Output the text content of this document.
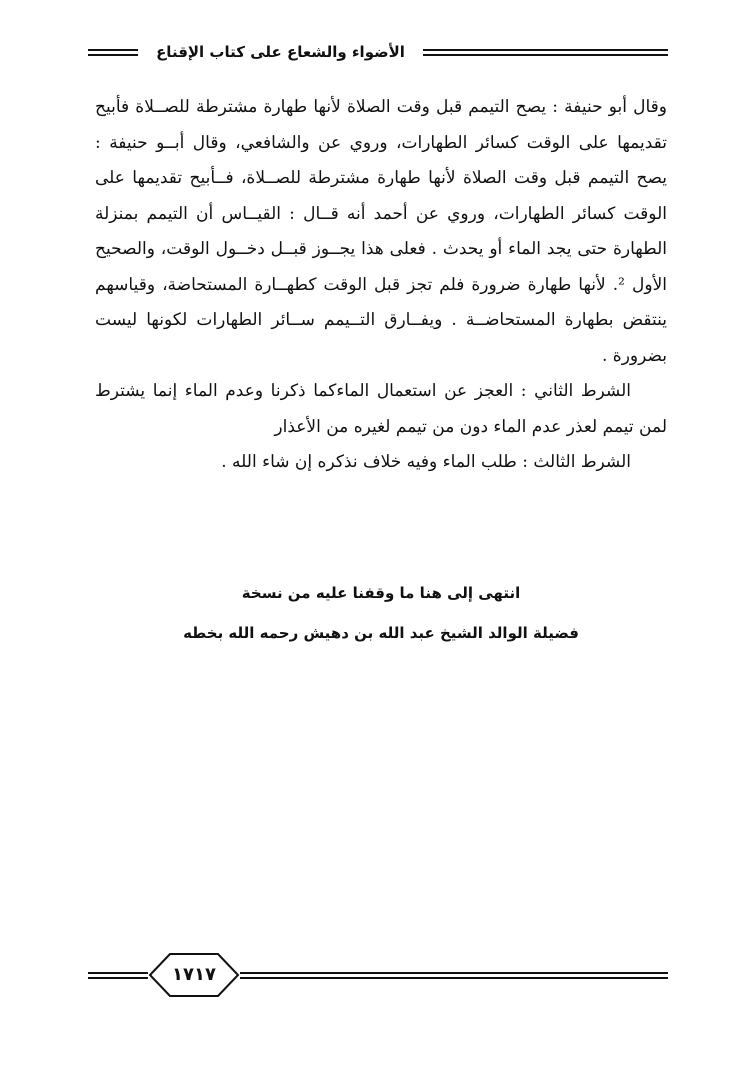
الأضواء والشعاع على كتاب الإقناع

وقال أبو حنيفة : يصح التيمم قبل وقت الصلاة لأنها طهارة مشترطة للصــلاة فأبيح تقديمها على الوقت كسائر الطهارات، وروي عن والشافعي، وقال أبــو حنيفة : يصح التيمم قبل وقت الصلاة لأنها طهارة مشترطة للصــلاة، فــأبيح تقديمها على الوقت كسائر الطهارات، وروي عن أحمد أنه قــال : القيــاس أن التيمم بمنزلة الطهارة حتى يجد الماء أو يحدث . فعلى هذا يجــوز قبــل دخــول الوقت، والصحيح الأول ². لأنها طهارة ضرورة فلم تجز قبل الوقت كطهــارة المستحاضة، وقياسهم ينتقض بطهارة المستحاضــة . ويفــارق التــيمم ســائر الطهارات لكونها ليست بضرورة .

الشرط الثاني : العجز عن استعمال الماءكما ذكرنا وعدم الماء إنما يشترط لمن تيمم لعذر عدم الماء دون من تيمم لغيره من الأعذار

الشرط الثالث : طلب الماء وفيه خلاف نذكره إن شاء الله .

انتهى إلى هنا ما وقفنا عليه من نسخة
فضيلة الوالد الشيخ عبد الله بن دهيش رحمه الله بخطه
١٧١٧
